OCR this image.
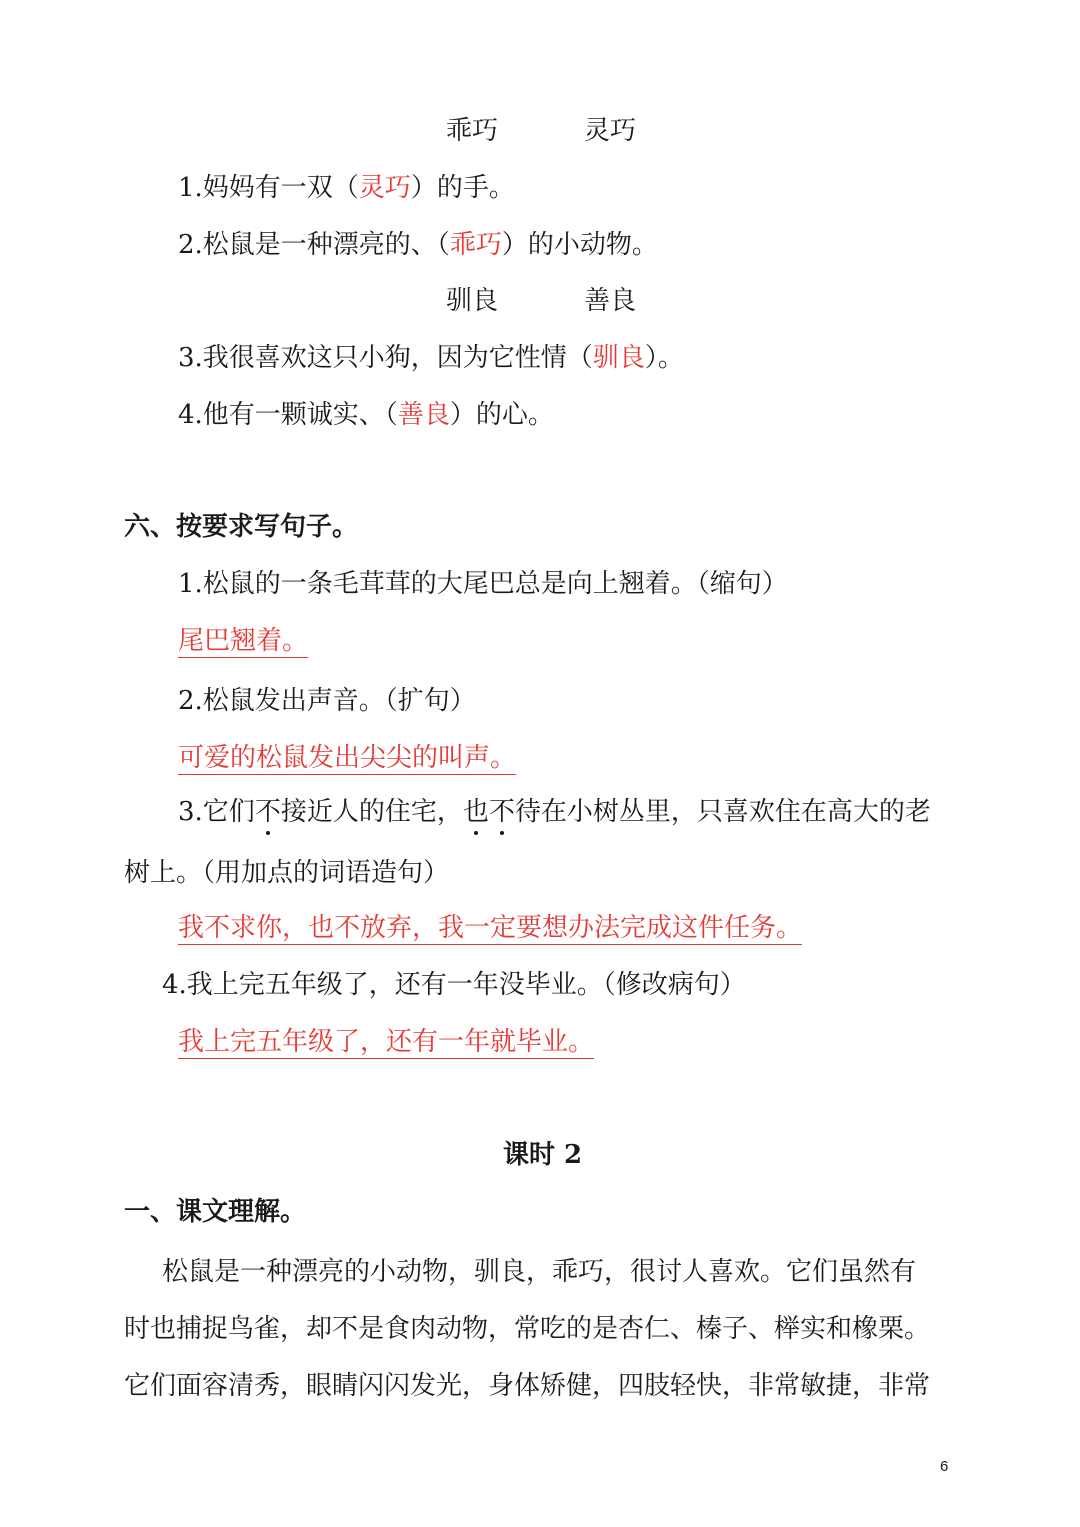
乖巧	灵巧
1.妈妈有一双（灵巧）的手。
2.松鼠是一种漂亮的、（乖巧）的小动物。
驯良	善良
3.我很喜欢这只小狗，因为它性情（驯良）。
4.他有一颗诚实、（善良）的心。
六、按要求写句子。
1.松鼠的一条毛茸茸的大尾巴总是向上翘着。（缩句）
尾巴翘着。
2.松鼠发出声音。（扩句）
可爱的松鼠发出尖尖的叫声。
3.它们不接近人的住宅，也不待在小树丛里，只喜欢住在高大的老
树上。（用加点的词语造句）
我不求你，也不放弃，我一定要想办法完成这件任务。
4.我上完五年级了，还有一年没毕业。（修改病句）
我上完五年级了，还有一年就毕业。
课时 2
一、课文理解。
松鼠是一种漂亮的小动物，驯良，乖巧，很讨人喜欢。它们虽然有
时也捕捉鸟雀，却不是食肉动物，常吃的是杏仁、榛子、榉实和橡栗。
它们面容清秀，眼睛闪闪发光，身体矫健，四肢轻快，非常敏捷，非常
6
